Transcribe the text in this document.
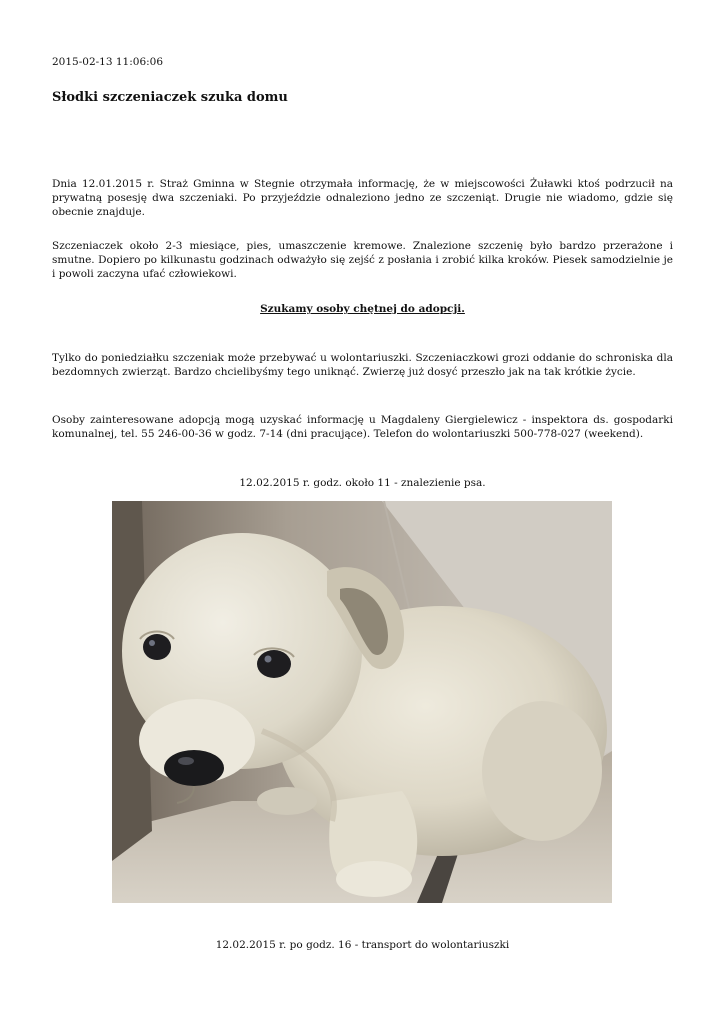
2015-02-13 11:06:06
Słodki szczeniaczek szuka domu

Dnia 12.01.2015 r. Straż Gminna w Stegnie otrzymała informację, że w miejscowości Żuławki ktoś podrzucił na prywatną posesję dwa szczeniaki. Po przyjeździe odnaleziono jedno ze szczeniąt. Drugie nie wiadomo, gdzie się obecnie znajduje.

Szczeniaczek około 2-3 miesiące, pies, umaszczenie kremowe. Znalezione szczenię było bardzo przerażone i smutne. Dopiero po kilkunastu godzinach odważyło się zejść z posłania i zrobić kilka kroków. Piesek samodzielnie je i powoli zaczyna ufać człowiekowi.

Szukamy osoby chętnej do adopcji.

Tylko do poniedziałku szczeniak może przebywać u wolontariuszki. Szczeniaczkowi grozi oddanie do schroniska dla bezdomnych zwierząt. Bardzo chcielibyśmy tego uniknąć. Zwierzę już dosyć przeszło jak na tak krótkie życie.

Osoby zainteresowane adopcją mogą uzyskać informację u Magdaleny Giergielewicz - inspektora ds. gospodarki komunalnej, tel. 55 246-00-36 w godz. 7-14 (dni pracujące). Telefon do wolontariuszki 500-778-027 (weekend).

12.02.2015 r. godz. około 11 - znalezienie psa.

12.02.2015 r. po godz. 16 - transport do wolontariuszki
